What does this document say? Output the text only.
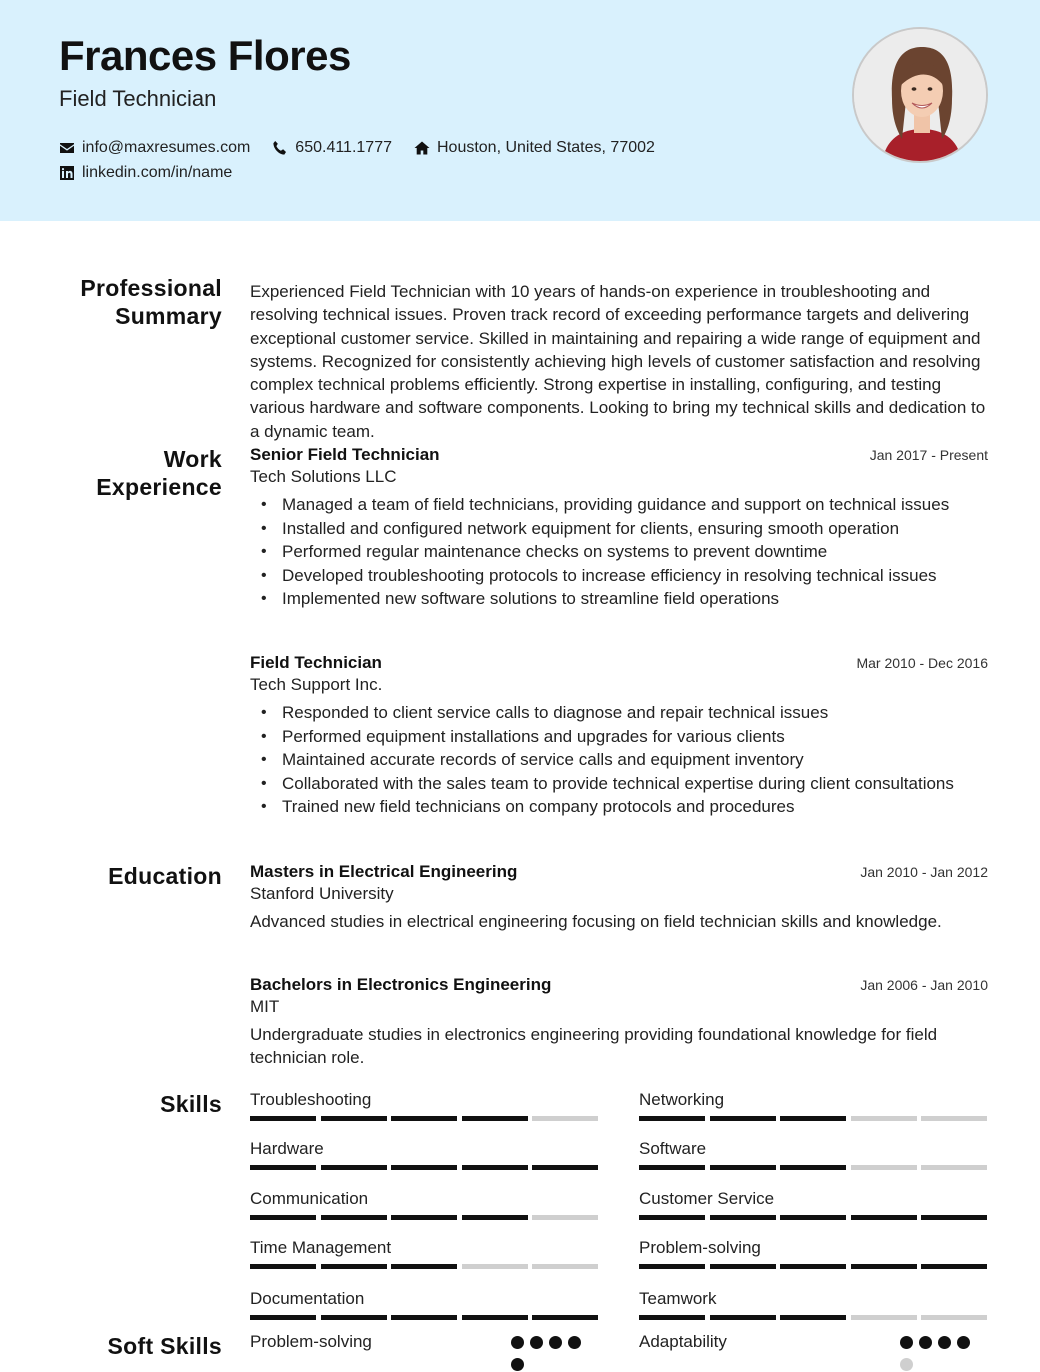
Frances Flores
Field Technician
info@maxresumes.com	650.411.1777	Houston, United States, 77002
linkedin.com/in/name
Professional
Summary

Experienced Field Technician with 10 years of hands-on experience in troubleshooting and resolving technical issues. Proven track record of exceeding performance targets and delivering exceptional customer service. Skilled in maintaining and repairing a wide range of equipment and systems. Recognized for consistently achieving high levels of customer satisfaction and resolving complex technical problems efficiently. Strong expertise in installing, configuring, and testing various hardware and software components. Looking to bring my technical skills and dedication to a dynamic team.

Work
Experience
Senior Field Technician	Jan 2017 - Present
Tech Solutions LLC
• Managed a team of field technicians, providing guidance and support on technical issues
• Installed and configured network equipment for clients, ensuring smooth operation
• Performed regular maintenance checks on systems to prevent downtime
• Developed troubleshooting protocols to increase efficiency in resolving technical issues
• Implemented new software solutions to streamline field operations
Field Technician	Mar 2010 - Dec 2016
Tech Support Inc.
• Responded to client service calls to diagnose and repair technical issues
• Performed equipment installations and upgrades for various clients
• Maintained accurate records of service calls and equipment inventory
• Collaborated with the sales team to provide technical expertise during client consultations
• Trained new field technicians on company protocols and procedures
Education Masters in Electrical Engineering	Jan 2010 - Jan 2012
Stanford University

Advanced studies in electrical engineering focusing on field technician skills and knowledge.

Bachelors in Electronics Engineering	Jan 2006 - Jan 2010
MIT

Undergraduate studies in electronics engineering providing foundational knowledge for field technician role.

Skills Troubleshooting	Networking
Hardware	Software
Communication	Customer Service
Time Management	Problem-solving
Documentation	Teamwork
Soft Skills Problem-solving	Adaptability
